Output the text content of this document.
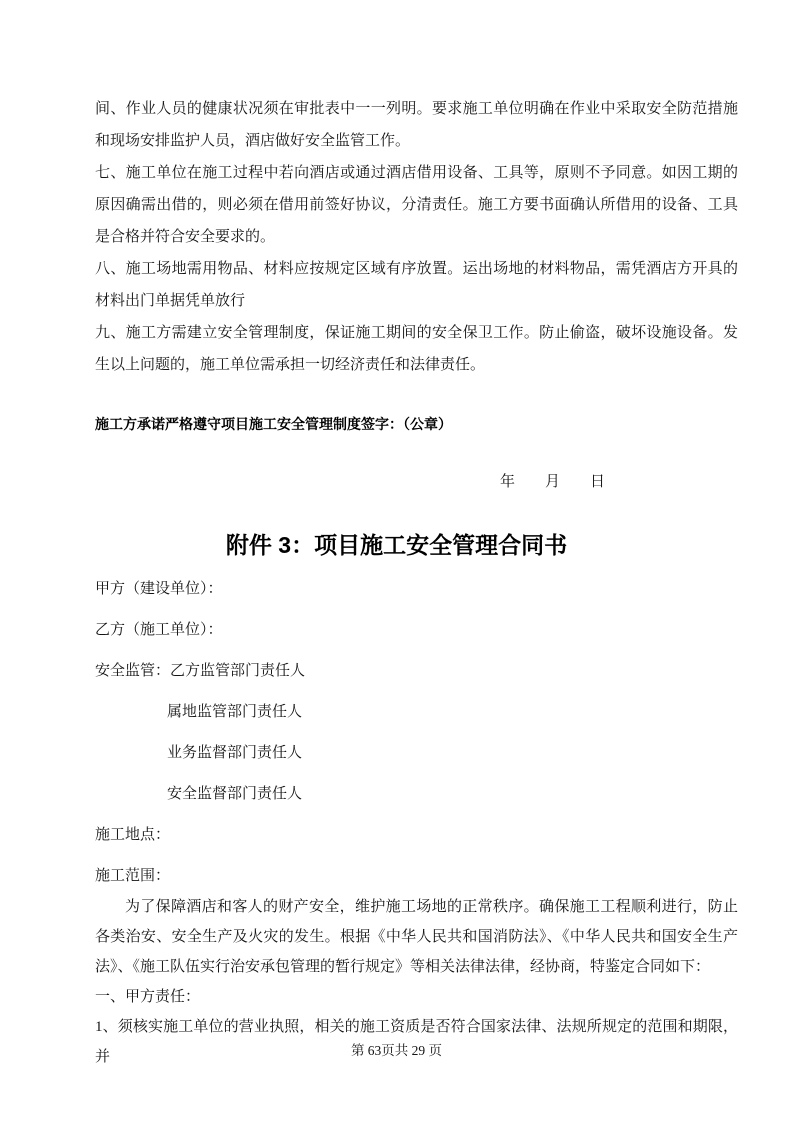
间、作业人员的健康状况须在审批表中一一列明。要求施工单位明确在作业中采取安全防范措施和现场安排监护人员，酒店做好安全监管工作。

七、施工单位在施工过程中若向酒店或通过酒店借用设备、工具等，原则不予同意。如因工期的原因确需出借的，则必须在借用前签好协议，分清责任。施工方要书面确认所借用的设备、工具是合格并符合安全要求的。

八、施工场地需用物品、材料应按规定区域有序放置。运出场地的材料物品，需凭酒店方开具的材料出门单据凭单放行

九、施工方需建立安全管理制度，保证施工期间的安全保卫工作。防止偷盗，破坏设施设备。发生以上问题的，施工单位需承担一切经济责任和法律责任。

施工方承诺严格遵守项目施工安全管理制度签字：（公章）
年　　月　　日
附件 3：项目施工安全管理合同书

甲方（建设单位）：

乙方（施工单位）：

安全监管：乙方监管部门责任人

属地监管部门责任人

业务监督部门责任人

安全监督部门责任人

施工地点：

施工范围：

为了保障酒店和客人的财产安全，维护施工场地的正常秩序。确保施工工程顺利进行，防止各类治安、安全生产及火灾的发生。根据《中华人民共和国消防法》、《中华人民共和国安全生产法》、《施工队伍实行治安承包管理的暂行规定》等相关法律法律，经协商，特鉴定合同如下：

一、甲方责任：

1、须核实施工单位的营业执照，相关的施工资质是否符合国家法律、法规所规定的范围和期限，并	第 63页共 29 页
